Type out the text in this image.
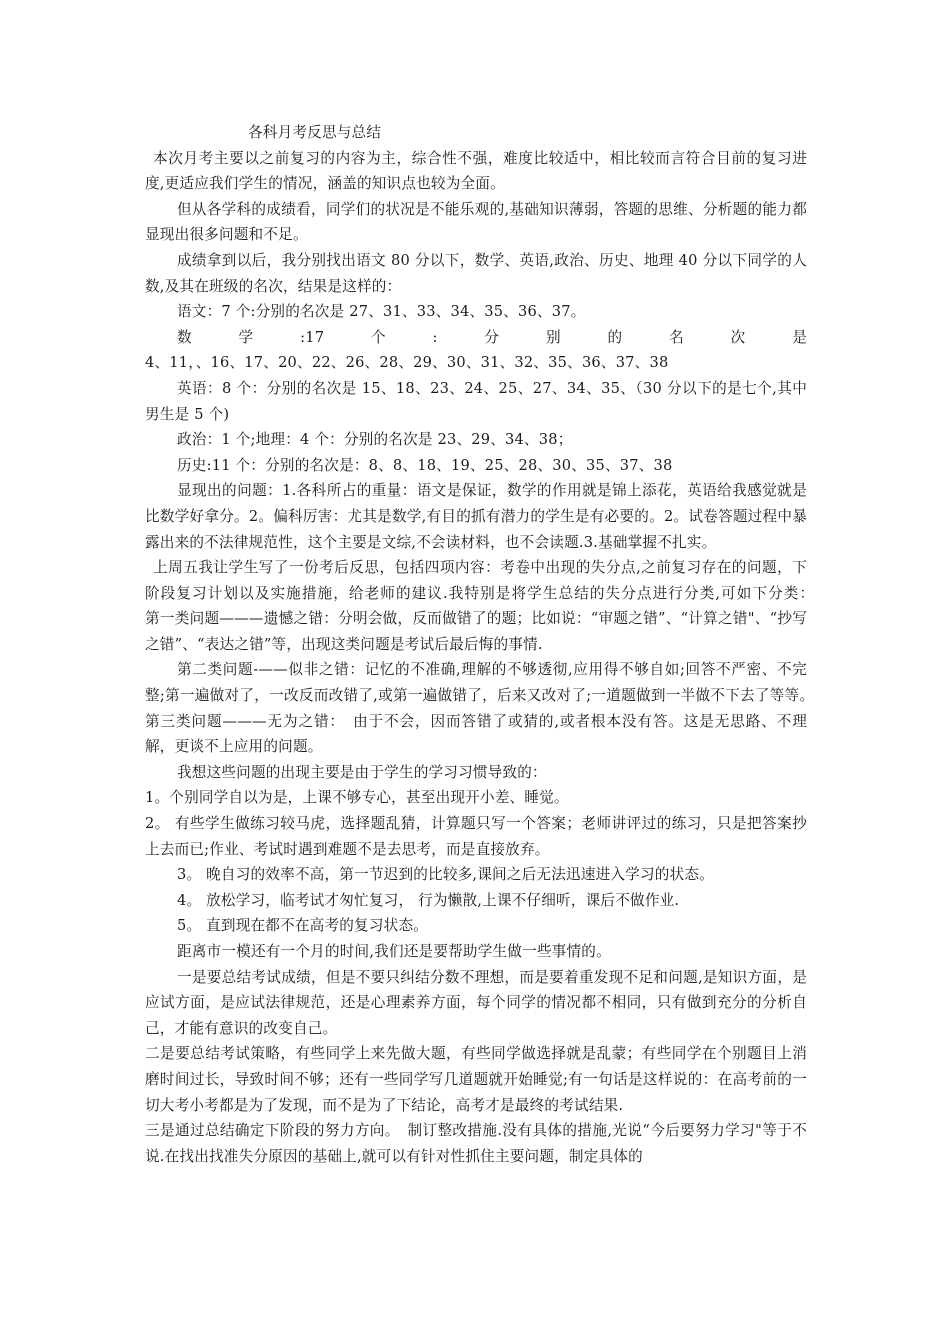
各科月考反思与总结

本次月考主要以之前复习的内容为主，综合性不强，难度比较适中，相比较而言符合目前的复习进度,更适应我们学生的情况，涵盖的知识点也较为全面。

但从各学科的成绩看，同学们的状况是不能乐观的,基础知识薄弱，答题的思维、分析题的能力都显现出很多问题和不足。

成绩拿到以后，我分别找出语文 80 分以下，数学、英语,政治、历史、地理 40 分以下同学的人数,及其在班级的名次，结果是这样的：

语文：7 个:分别的名次是 27、31、33、34、35、36、37。

数　　学　　:17　　个　　:　　分　　别　　的　　名　　次　　是

4、11，、16、17、20、22、26、28、29、30、31、32、35、36、37、38

英语：8 个：分别的名次是 15、18、23、24、25、27、34、35、（30 分以下的是七个,其中男生是 5 个)

政治：1 个;地理：4 个：分别的名次是 23、29、34、38；

历史:11 个：分别的名次是：8、8、18、19、25、28、30、35、37、38

显现出的问题：1.各科所占的重量：语文是保证，数学的作用就是锦上添花，英语给我感觉就是比数学好拿分。2。偏科厉害：尤其是数学,有目的抓有潜力的学生是有必要的。2。试卷答题过程中暴露出来的不法律规范性，这个主要是文综,不会读材料，也不会读题.3.基础掌握不扎实。

上周五我让学生写了一份考后反思，包括四项内容：考卷中出现的失分点,之前复习存在的问题，下阶段复习计划以及实施措施，给老师的建议.我特别是将学生总结的失分点进行分类,可如下分类：　　第一类问题———遗憾之错：分明会做，反而做错了的题；比如说：“审题之错”、“计算之错"、“抄写之错”、“表达之错”等，出现这类问题是考试后最后悔的事情.

第二类问题-——似非之错：记忆的不准确,理解的不够透彻,应用得不够自如;回答不严密、不完整;第一遍做对了，一改反而改错了,或第一遍做错了，后来又改对了;一道题做到一半做不下去了等等。　　第三类问题———无为之错：　由于不会，因而答错了或猜的,或者根本没有答。这是无思路、不理解，更谈不上应用的问题。

我想这些问题的出现主要是由于学生的学习习惯导致的：

1。个别同学自以为是，上课不够专心，甚至出现开小差、睡觉。

2。 有些学生做练习较马虎，选择题乱猜，计算题只写一个答案；老师讲评过的练习，只是把答案抄上去而已;作业、考试时遇到难题不是去思考，而是直接放弃。

3。 晚自习的效率不高，第一节迟到的比较多,课间之后无法迅速进入学习的状态。

4。 放松学习，临考试才匆忙复习， 行为懒散,上课不仔细听，课后不做作业.

5。 直到现在都不在高考的复习状态。

距离市一模还有一个月的时间,我们还是要帮助学生做一些事情的。

一是要总结考试成绩，但是不要只纠结分数不理想，而是要着重发现不足和问题,是知识方面，是应试方面，是应试法律规范，还是心理素养方面，每个同学的情况都不相同，只有做到充分的分析自己，才能有意识的改变自己。

二是要总结考试策略，有些同学上来先做大题，有些同学做选择就是乱蒙；有些同学在个别题目上消磨时间过长，导致时间不够；还有一些同学写几道题就开始睡觉;有一句话是这样说的：在高考前的一切大考小考都是为了发现，而不是为了下结论，高考才是最终的考试结果.

三是通过总结确定下阶段的努力方向。　制订整改措施.没有具体的措施,光说“今后要努力学习"等于不说.在找出找准失分原因的基础上,就可以有针对性抓住主要问题，制定具体的
